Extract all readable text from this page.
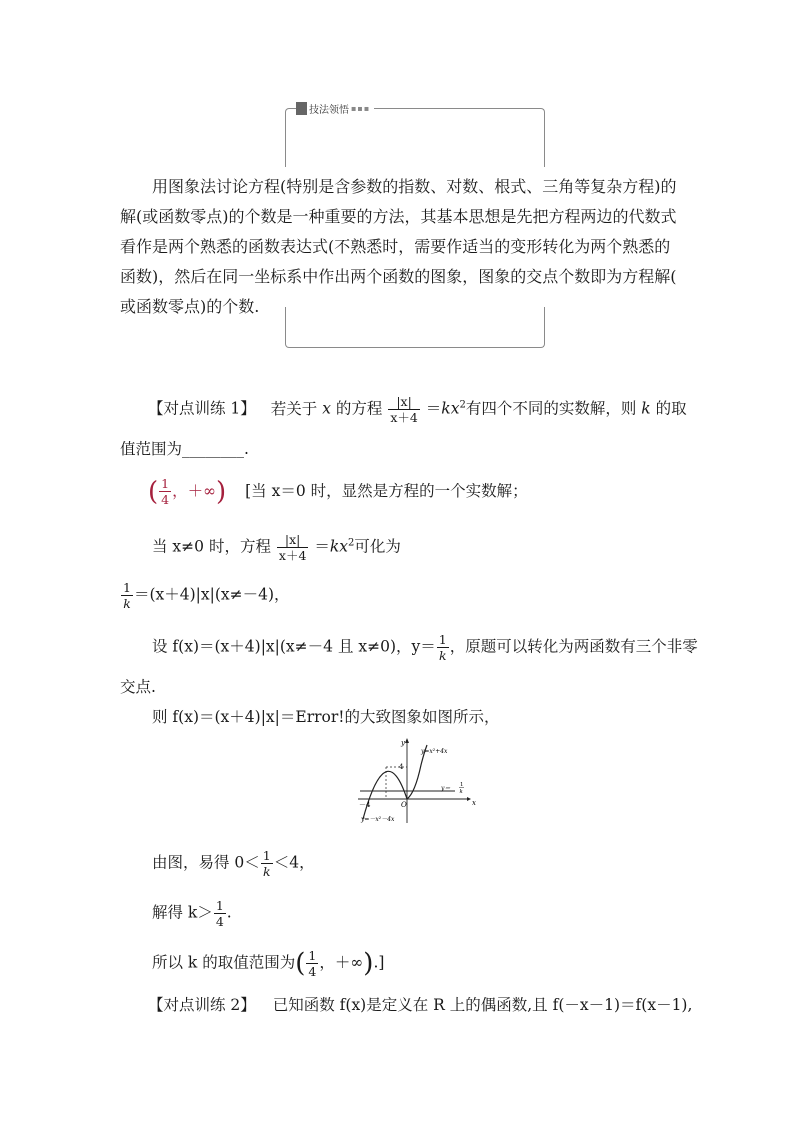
技法领悟 ▪▪▪
用图象法讨论方程(特别是含参数的指数、对数、根式、三角等复杂方程)的
解(或函数零点)的个数是一种重要的方法，其基本思想是先把方程两边的代数式
看作是两个熟悉的函数表达式(不熟悉时，需要作适当的变形转化为两个熟悉的
函数)，然后在同一坐标系中作出两个函数的图象，图象的交点个数即为方程解(
或函数零点)的个数.
【对点训练 1】 若关于 x 的方程 $\frac{|x|}{x+4} =kx^2$有四个不同的实数解，则 k 的取
值范围为________.
( $\frac{1}{4}$ ，＋∞) [当 x＝0 时，显然是方程的一个实数解；
当 x≠0 时，方程 $\frac{|x|}{x+4} =kx^2$可化为
$\frac{1}{k} =(x+4)|x|(x\ne-4)$，
设 f(x)＝(x＋4)|x|(x≠－4 且 x≠0)，$y= \frac{1}{k}$ ，原题可以转化为两函数有三个非零
交点.
则 f(x)＝(x＋4)|x|＝Error!的大致图象如图所示，
y
x
O
4
－4
y=x²+4x
y＝ 1
k
y=－x²－4x
由图，易得 $0< \frac{1}{k} <4$，
解得 $k> \frac{1}{4}$ .
所以 k 的取值范围为( $\frac{1}{4}$ ，＋∞).]
【对点训练 2】 已知函数 f(x)是定义在 R 上的偶函数,且 f(－x－1)＝f(x－1),
